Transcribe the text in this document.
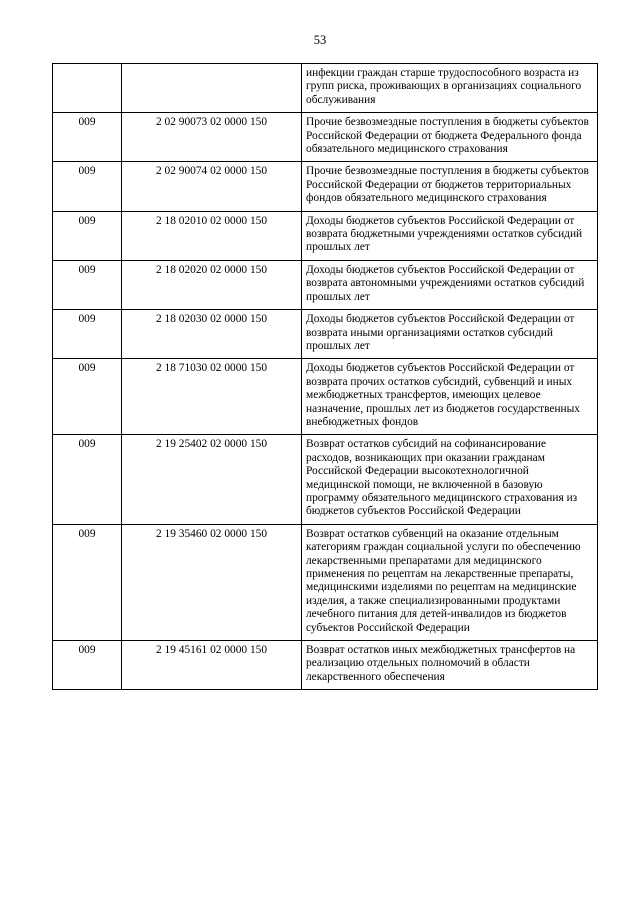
53
		инфекции граждан старше трудоспособного возраста из групп риска, проживающих в организациях социального обслуживания
009	2 02 90073 02 0000 150	Прочие безвозмездные поступления в бюджеты субъектов Российской Федерации от бюджета Федерального фонда обязательного медицинского страхования
009	2 02 90074 02 0000 150	Прочие безвозмездные поступления в бюджеты субъектов Российской Федерации от бюджетов территориальных фондов обязательного медицинского страхования
009	2 18 02010 02 0000 150	Доходы бюджетов субъектов Российской Федерации от возврата бюджетными учреждениями остатков субсидий прошлых лет
009	2 18 02020 02 0000 150	Доходы бюджетов субъектов Российской Федерации от возврата автономными учреждениями остатков субсидий прошлых лет
009	2 18 02030 02 0000 150	Доходы бюджетов субъектов Российской Федерации от возврата иными организациями остатков субсидий прошлых лет
009	2 18 71030 02 0000 150	Доходы бюджетов субъектов Российской Федерации от возврата прочих остатков субсидий, субвенций и иных межбюджетных трансфертов, имеющих целевое назначение, прошлых лет из бюджетов государственных внебюджетных фондов
009	2 19 25402 02 0000 150	Возврат остатков субсидий на софинансирование расходов, возникающих при оказании гражданам Российской Федерации высокотехнологичной медицинской помощи, не включенной в базовую программу обязательного медицинского страхования из бюджетов субъектов Российской Федерации
009	2 19 35460 02 0000 150	Возврат остатков субвенций на оказание отдельным категориям граждан социальной услуги по обеспечению лекарственными препаратами для медицинского применения по рецептам на лекарственные препараты, медицинскими изделиями по рецептам на медицинские изделия, а также специализированными продуктами лечебного питания для детей-инвалидов из бюджетов субъектов Российской Федерации
009	2 19 45161 02 0000 150	Возврат остатков иных межбюджетных трансфертов на реализацию отдельных полномочий в области лекарственного обеспечения
